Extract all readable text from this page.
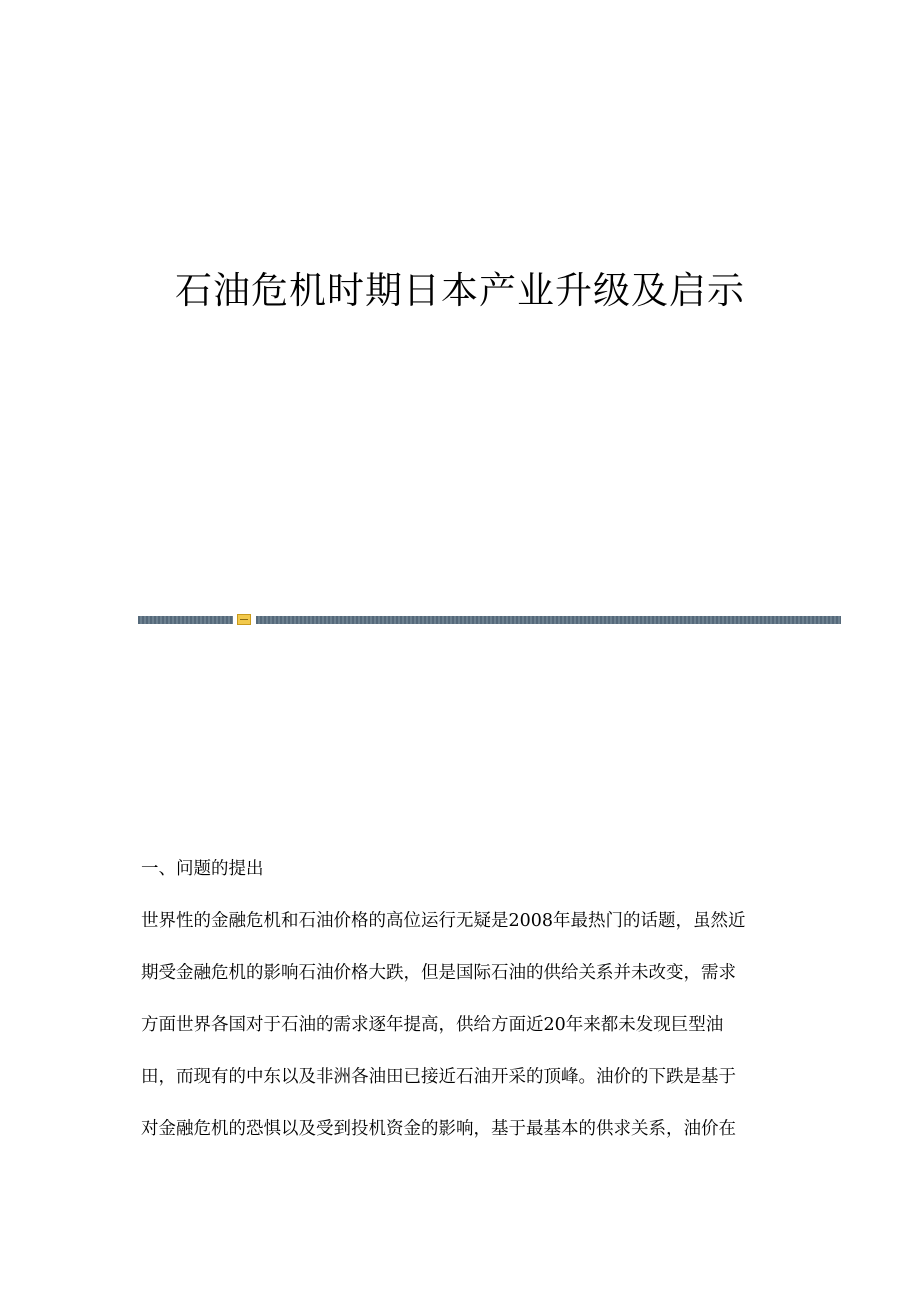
石油危机时期日本产业升级及启示
一、问题的提出
世界性的金融危机和石油价格的高位运行无疑是2008年最热门的话题，虽然近
期受金融危机的影响石油价格大跌，但是国际石油的供给关系并未改变，需求
方面世界各国对于石油的需求逐年提高，供给方面近20年来都未发现巨型油
田，而现有的中东以及非洲各油田已接近石油开采的顶峰。油价的下跌是基于
对金融危机的恐惧以及受到投机资金的影响，基于最基本的供求关系，油价在
